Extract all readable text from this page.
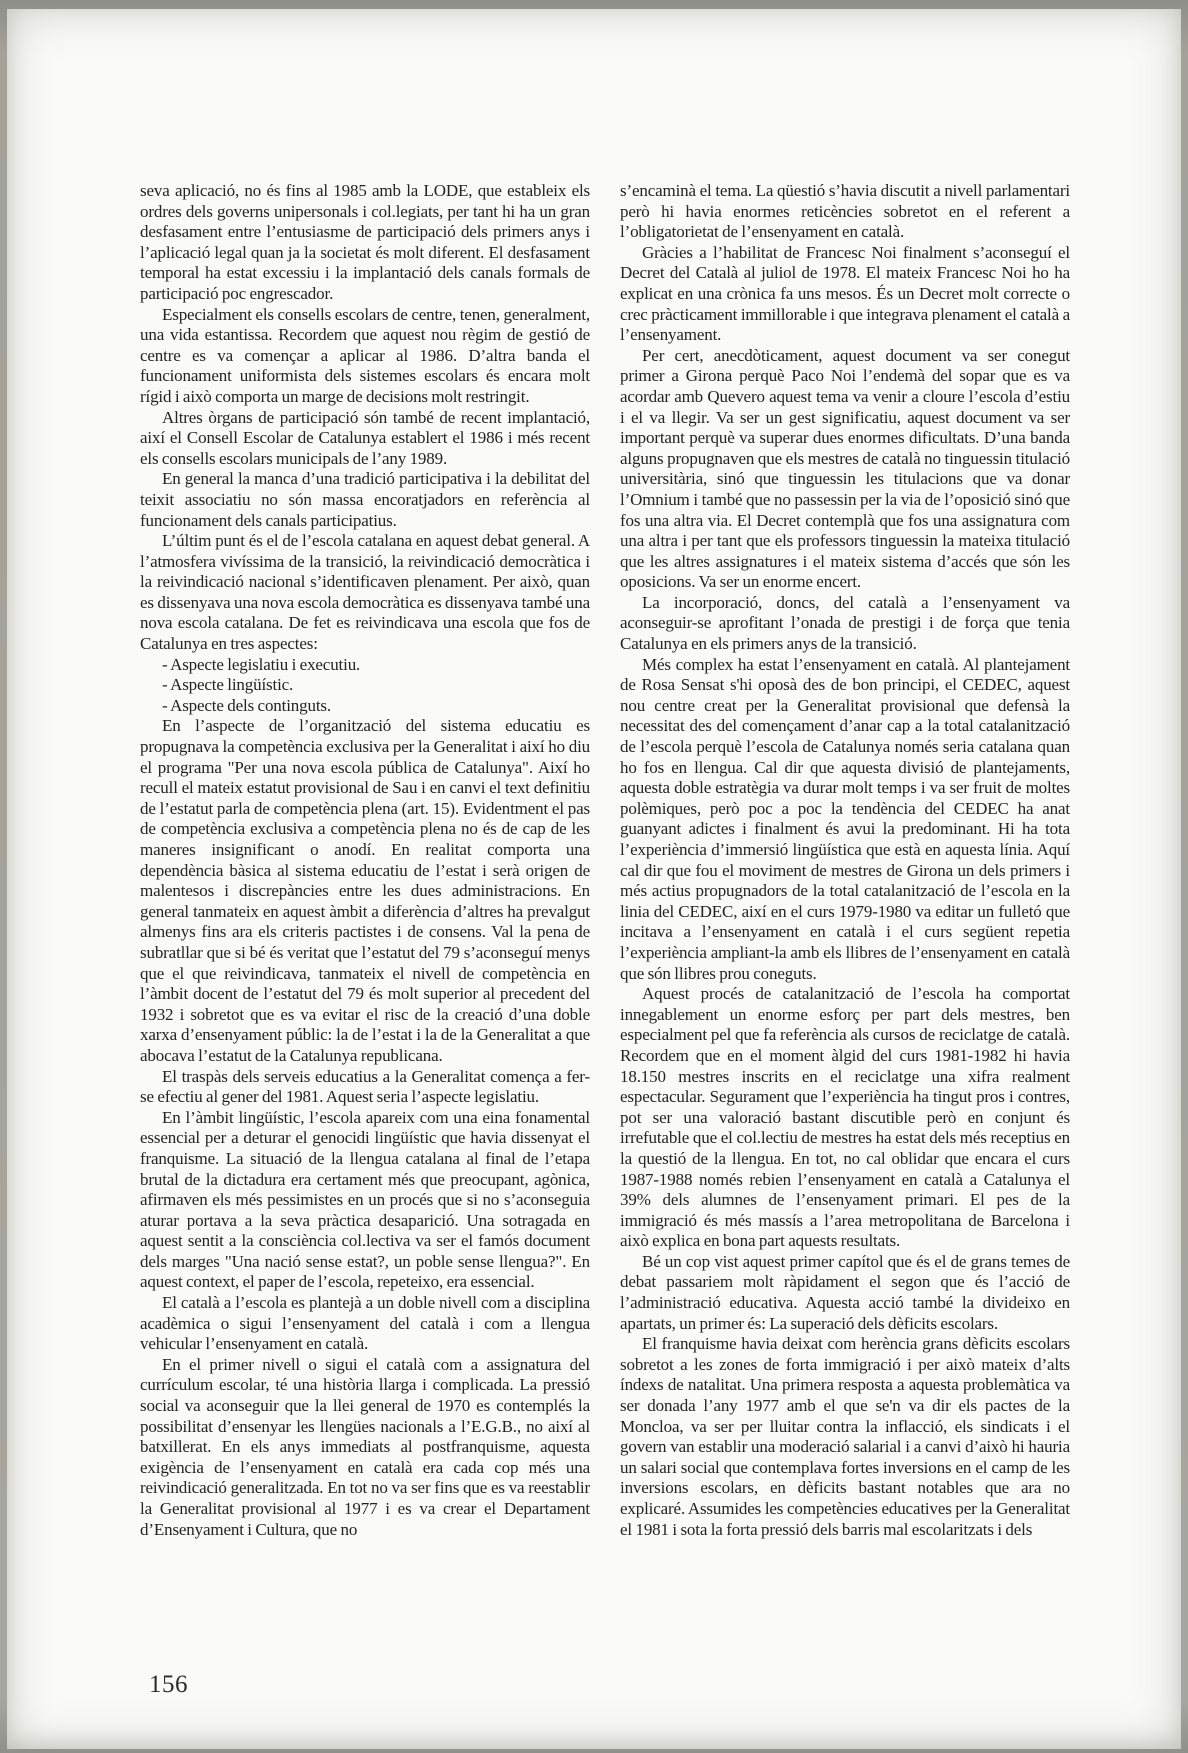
seva aplicació, no és fins al 1985 amb la LODE, que estableix els ordres dels governs unipersonals i col.legiats, per tant hi ha un gran desfasament entre l’entusiasme de participació dels primers anys i l’aplicació legal quan ja la societat és molt diferent. El desfasament temporal ha estat excessiu i la implantació dels canals formals de participació poc engrescador.

Especialment els consells escolars de centre, tenen, generalment, una vida estantissa. Recordem que aquest nou règim de gestió de centre es va començar a aplicar al 1986. D’altra banda el funcionament uniformista dels sistemes escolars és encara molt rígid i això comporta un marge de decisions molt restringit.

Altres òrgans de participació són també de recent implantació, així el Consell Escolar de Catalunya establert el 1986 i més recent els consells escolars municipals de l’any 1989.

En general la manca d’una tradició participativa i la debilitat del teixit associatiu no són massa encoratjadors en referència al funcionament dels canals participatius.

L’últim punt és el de l’escola catalana en aquest debat general. A l’atmosfera vivíssima de la transició, la reivindicació democràtica i la reivindicació nacional s’identificaven plenament. Per això, quan es dissenyava una nova escola democràtica es dissenyava també una nova escola catalana. De fet es reivindicava una escola que fos de Catalunya en tres aspectes:

- Aspecte legislatiu i executiu.

- Aspecte lingüístic.

- Aspecte dels continguts.

En l’aspecte de l’organització del sistema educatiu es propugnava la competència exclusiva per la Generalitat i així ho diu el programa "Per una nova escola pública de Catalunya". Així ho recull el mateix estatut provisional de Sau i en canvi el text definitiu de l’estatut parla de competència plena (art. 15). Evidentment el pas de competència exclusiva a competència plena no és de cap de les maneres insignificant o anodí. En realitat comporta una dependència bàsica al sistema educatiu de l’estat i serà origen de malentesos i discrepàncies entre les dues administracions. En general tanmateix en aquest àmbit a diferència d’altres ha prevalgut almenys fins ara els criteris pactistes i de consens. Val la pena de subratllar que si bé és veritat que l’estatut del 79 s’aconseguí menys que el que reivindicava, tanmateix el nivell de competència en l’àmbit docent de l’estatut del 79 és molt superior al precedent del 1932 i sobretot que es va evitar el risc de la creació d’una doble xarxa d’ensenyament públic: la de l’estat i la de la Generalitat a que abocava l’estatut de la Catalunya republicana.

El traspàs dels serveis educatius a la Generalitat comença a fer-se efectiu al gener del 1981. Aquest seria l’aspecte legislatiu.

En l’àmbit lingüístic, l’escola apareix com una eina fonamental essencial per a deturar el genocidi lingüístic que havia dissenyat el franquisme. La situació de la llengua catalana al final de l’etapa brutal de la dictadura era certament més que preocupant, agònica, afirmaven els més pessimistes en un procés que si no s’aconseguia aturar portava a la seva pràctica desaparició. Una sotragada en aquest sentit a la consciència col.lectiva va ser el famós document dels marges "Una nació sense estat?, un poble sense llengua?". En aquest context, el paper de l’escola, repeteixo, era essencial.

El català a l’escola es plantejà a un doble nivell com a disciplina acadèmica o sigui l’ensenyament del català i com a llengua vehicular l’ensenyament en català.

En el primer nivell o sigui el català com a assignatura del currículum escolar, té una història llarga i complicada. La pressió social va aconseguir que la llei general de 1970 es contemplés la possibilitat d’ensenyar les llengües nacionals a l’E.G.B., no així al batxillerat. En els anys immediats al postfranquisme, aquesta exigència de l’ensenyament en català era cada cop més una reivindicació generalitzada. En tot no va ser fins que es va reestablir la Generalitat provisional al 1977 i es va crear el Departament d’Ensenyament i Cultura, que no

s’encaminà el tema. La qüestió s’havia discutit a nivell parlamentari però hi havia enormes reticències sobretot en el referent a l’obligatorietat de l’ensenyament en català.

Gràcies a l’habilitat de Francesc Noi finalment s’aconseguí el Decret del Català al juliol de 1978. El mateix Francesc Noi ho ha explicat en una crònica fa uns mesos. És un Decret molt correcte o crec pràcticament immillorable i que integrava plenament el català a l’ensenyament.

Per cert, anecdòticament, aquest document va ser conegut primer a Girona perquè Paco Noi l’endemà del sopar que es va acordar amb Quevero aquest tema va venir a cloure l’escola d’estiu i el va llegir. Va ser un gest significatiu, aquest document va ser important perquè va superar dues enormes dificultats. D’una banda alguns propugnaven que els mestres de català no tinguessin titulació universitària, sinó que tinguessin les titulacions que va donar l’Omnium i també que no passessin per la via de l’oposició sinó que fos una altra via. El Decret contemplà que fos una assignatura com una altra i per tant que els professors tinguessin la mateixa titulació que les altres assignatures i el mateix sistema d’accés que són les oposicions. Va ser un enorme encert.

La incorporació, doncs, del català a l’ensenyament va aconseguir-se aprofitant l’onada de prestigi i de força que tenia Catalunya en els primers anys de la transició.

Més complex ha estat l’ensenyament en català. Al plantejament de Rosa Sensat s'hi oposà des de bon principi, el CEDEC, aquest nou centre creat per la Generalitat provisional que defensà la necessitat des del començament d’anar cap a la total catalanització de l’escola perquè l’escola de Catalunya només seria catalana quan ho fos en llengua. Cal dir que aquesta divisió de plantejaments, aquesta doble estratègia va durar molt temps i va ser fruit de moltes polèmiques, però poc a poc la tendència del CEDEC ha anat guanyant adictes i finalment és avui la predominant. Hi ha tota l’experiència d’immersió lingüística que està en aquesta línia. Aquí cal dir que fou el moviment de mestres de Girona un dels primers i més actius propugnadors de la total catalanització de l’escola en la linia del CEDEC, així en el curs 1979-1980 va editar un fulletó que incitava a l’ensenyament en català i el curs següent repetia l’experiència ampliant-la amb els llibres de l’ensenyament en català que són llibres prou coneguts.

Aquest procés de catalanització de l’escola ha comportat innegablement un enorme esforç per part dels mestres, ben especialment pel que fa referència als cursos de reciclatge de català. Recordem que en el moment àlgid del curs 1981-1982 hi havia 18.150 mestres inscrits en el reciclatge una xifra realment espectacular. Segurament que l’experiència ha tingut pros i contres, pot ser una valoració bastant discutible però en conjunt és irrefutable que el col.lectiu de mestres ha estat dels més receptius en la questió de la llengua. En tot, no cal oblidar que encara el curs 1987-1988 només rebien l’ensenyament en català a Catalunya el 39% dels alumnes de l’ensenyament primari. El pes de la immigració és més massís a l’area metropolitana de Barcelona i això explica en bona part aquests resultats.

Bé un cop vist aquest primer capítol que és el de grans temes de debat passariem molt ràpidament el segon que és l’acció de l’administració educativa. Aquesta acció també la divideixo en apartats, un primer és: La superació dels dèficits escolars.

El franquisme havia deixat com herència grans dèficits escolars sobretot a les zones de forta immigració i per això mateix d’alts índexs de natalitat. Una primera resposta a aquesta problemàtica va ser donada l’any 1977 amb el que se'n va dir els pactes de la Moncloa, va ser per lluitar contra la inflacció, els sindicats i el govern van establir una moderació salarial i a canvi d’això hi hauria un salari social que contemplava fortes inversions en el camp de les inversions escolars, en dèficits bastant notables que ara no explicaré. Assumides les competències educatives per la Generalitat el 1981 i sota la forta pressió dels barris mal escolaritzats i dels

156
